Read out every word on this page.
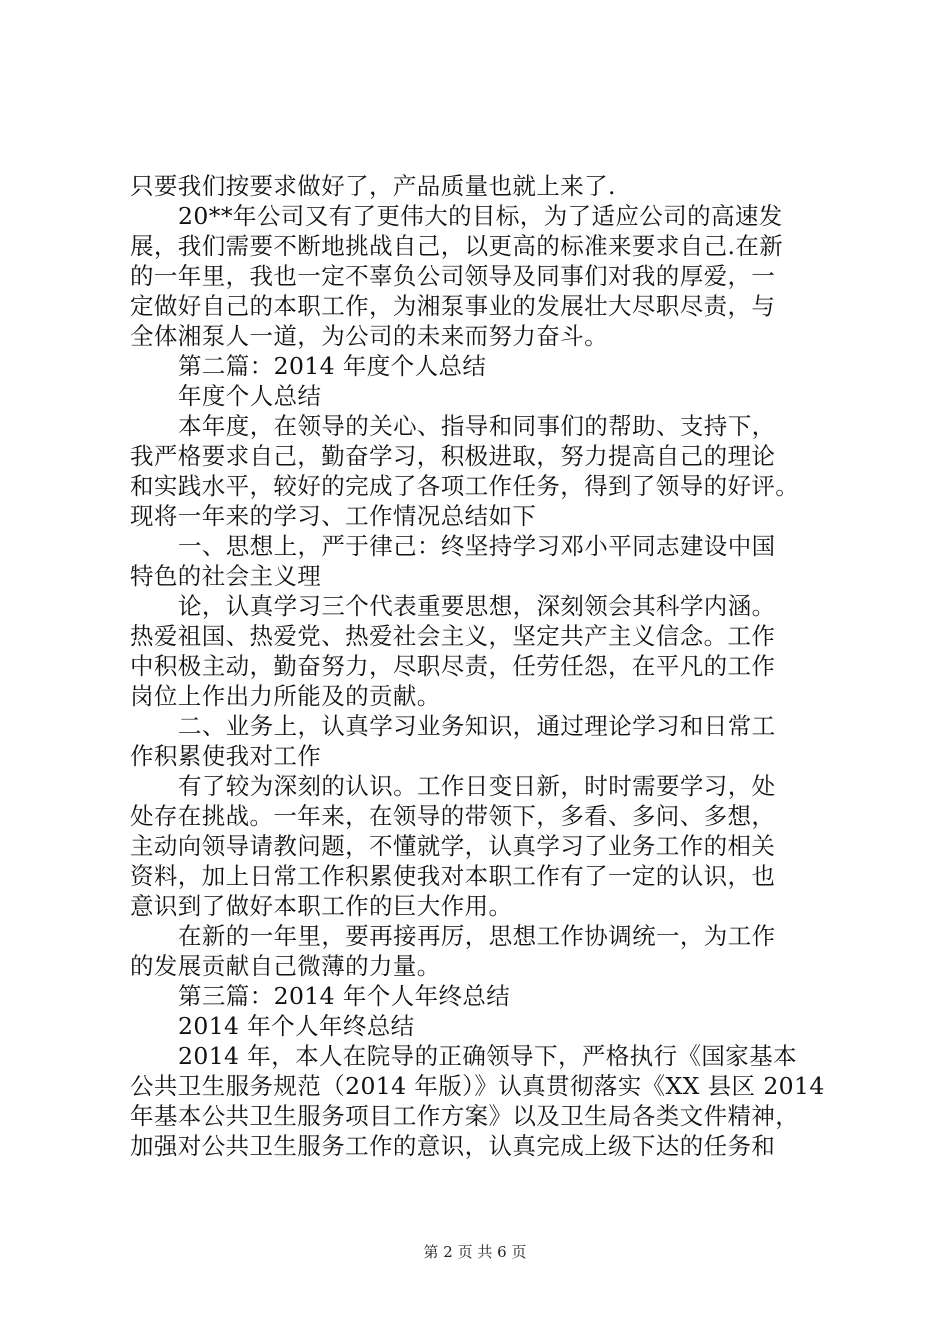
只要我们按要求做好了，产品质量也就上来了.
20**年公司又有了更伟大的目标，为了适应公司的高速发
展，我们需要不断地挑战自己，以更高的标准来要求自己.在新
的一年里，我也一定不辜负公司领导及同事们对我的厚爱，一
定做好自己的本职工作，为湘泵事业的发展壮大尽职尽责，与
全体湘泵人一道，为公司的未来而努力奋斗。
第二篇：2014 年度个人总结
年度个人总结
本年度，在领导的关心、指导和同事们的帮助、支持下，
我严格要求自己，勤奋学习，积极进取，努力提高自己的理论
和实践水平，较好的完成了各项工作任务，得到了领导的好评。
现将一年来的学习、工作情况总结如下
一、思想上，严于律己：终坚持学习邓小平同志建设中国
特色的社会主义理
论，认真学习三个代表重要思想，深刻领会其科学内涵。
热爱祖国、热爱党、热爱社会主义，坚定共产主义信念。工作
中积极主动，勤奋努力，尽职尽责，任劳任怨，在平凡的工作
岗位上作出力所能及的贡献。
二、业务上，认真学习业务知识，通过理论学习和日常工
作积累使我对工作
有了较为深刻的认识。工作日变日新，时时需要学习，处
处存在挑战。一年来，在领导的带领下，多看、多问、多想，
主动向领导请教问题，不懂就学，认真学习了业务工作的相关
资料，加上日常工作积累使我对本职工作有了一定的认识，也
意识到了做好本职工作的巨大作用。
在新的一年里，要再接再厉，思想工作协调统一，为工作
的发展贡献自己微薄的力量。
第三篇：2014 年个人年终总结
2014 年个人年终总结
2014 年，本人在院导的正确领导下，严格执行《国家基本
公共卫生服务规范（2014 年版）》认真贯彻落实《XX 县区 2014
年基本公共卫生服务项目工作方案》以及卫生局各类文件精神，
加强对公共卫生服务工作的意识，认真完成上级下达的任务和
第 2 页 共 6 页
